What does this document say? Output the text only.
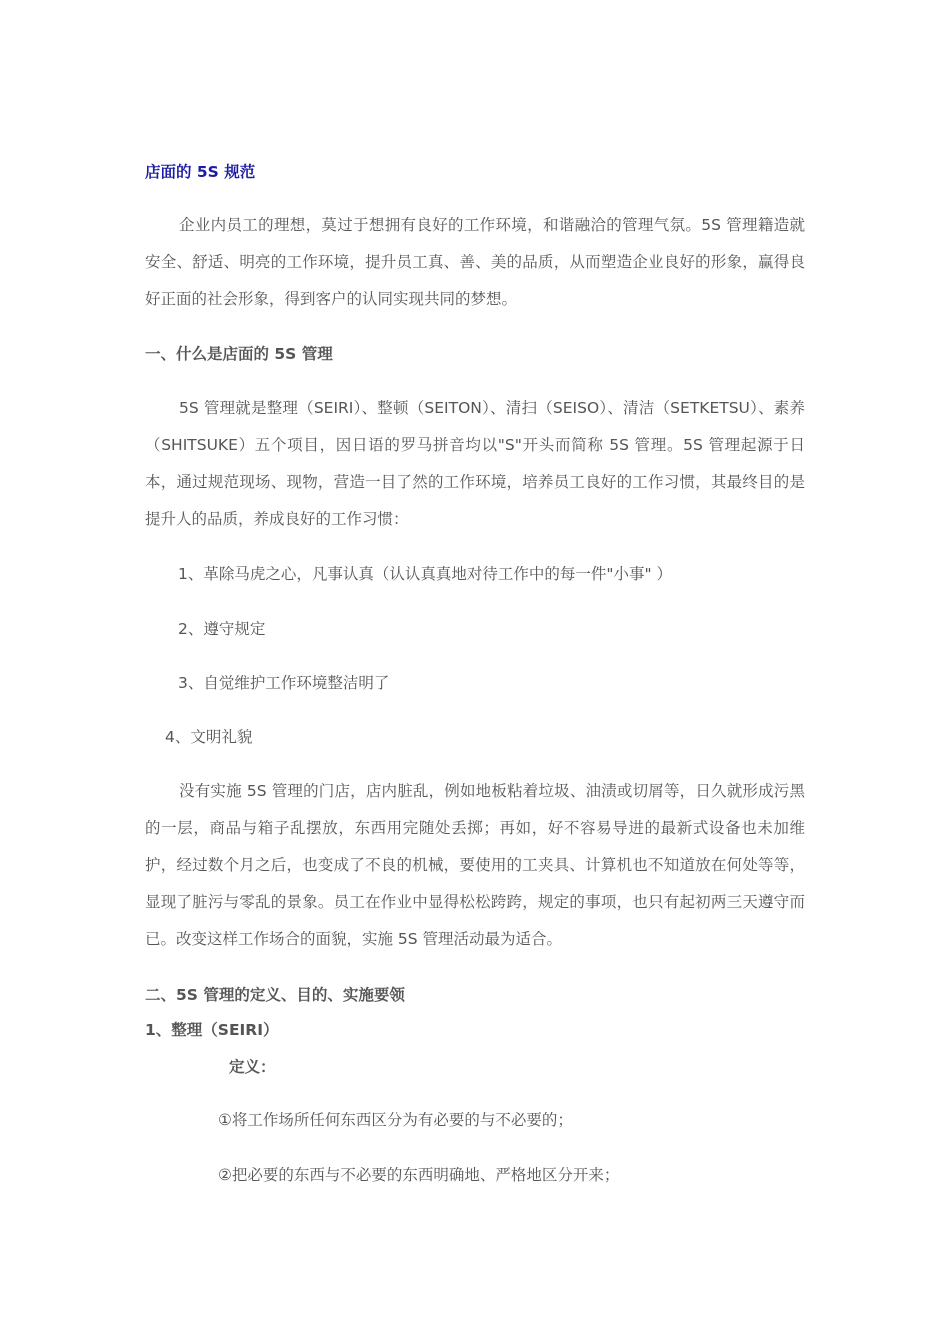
店面的 5S 规范
企业内员工的理想，莫过于想拥有良好的工作环境，和谐融洽的管理气氛。5S 管理籍造就安全、舒适、明亮的工作环境，提升员工真、善、美的品质，从而塑造企业良好的形象，赢得良好正面的社会形象，得到客户的认同实现共同的梦想。
一、什么是店面的 5S 管理
5S 管理就是整理（SEIRI）、整顿（SEITON）、清扫（SEISO）、清洁（SETKETSU）、素养（SHITSUKE）五个项目，因日语的罗马拼音均以"S"开头而简称 5S 管理。5S 管理起源于日本，通过规范现场、现物，营造一目了然的工作环境，培养员工良好的工作习惯，其最终目的是提升人的品质，养成良好的工作习惯：
1、革除马虎之心，凡事认真（认认真真地对待工作中的每一件"小事" ）
2、遵守规定
3、自觉维护工作环境整洁明了
4、文明礼貌
没有实施 5S 管理的门店，店内脏乱，例如地板粘着垃圾、油渍或切屑等，日久就形成污黑的一层，商品与箱子乱摆放，东西用完随处丢掷；再如，好不容易导进的最新式设备也未加维护，经过数个月之后，也变成了不良的机械，要使用的工夹具、计算机也不知道放在何处等等，显现了脏污与零乱的景象。员工在作业中显得松松跨跨，规定的事项，也只有起初两三天遵守而已。改变这样工作场合的面貌，实施 5S 管理活动最为适合。
二、5S 管理的定义、目的、实施要领
1、整理（SEIRI）
定义：
①将工作场所任何东西区分为有必要的与不必要的；
②把必要的东西与不必要的东西明确地、严格地区分开来；
